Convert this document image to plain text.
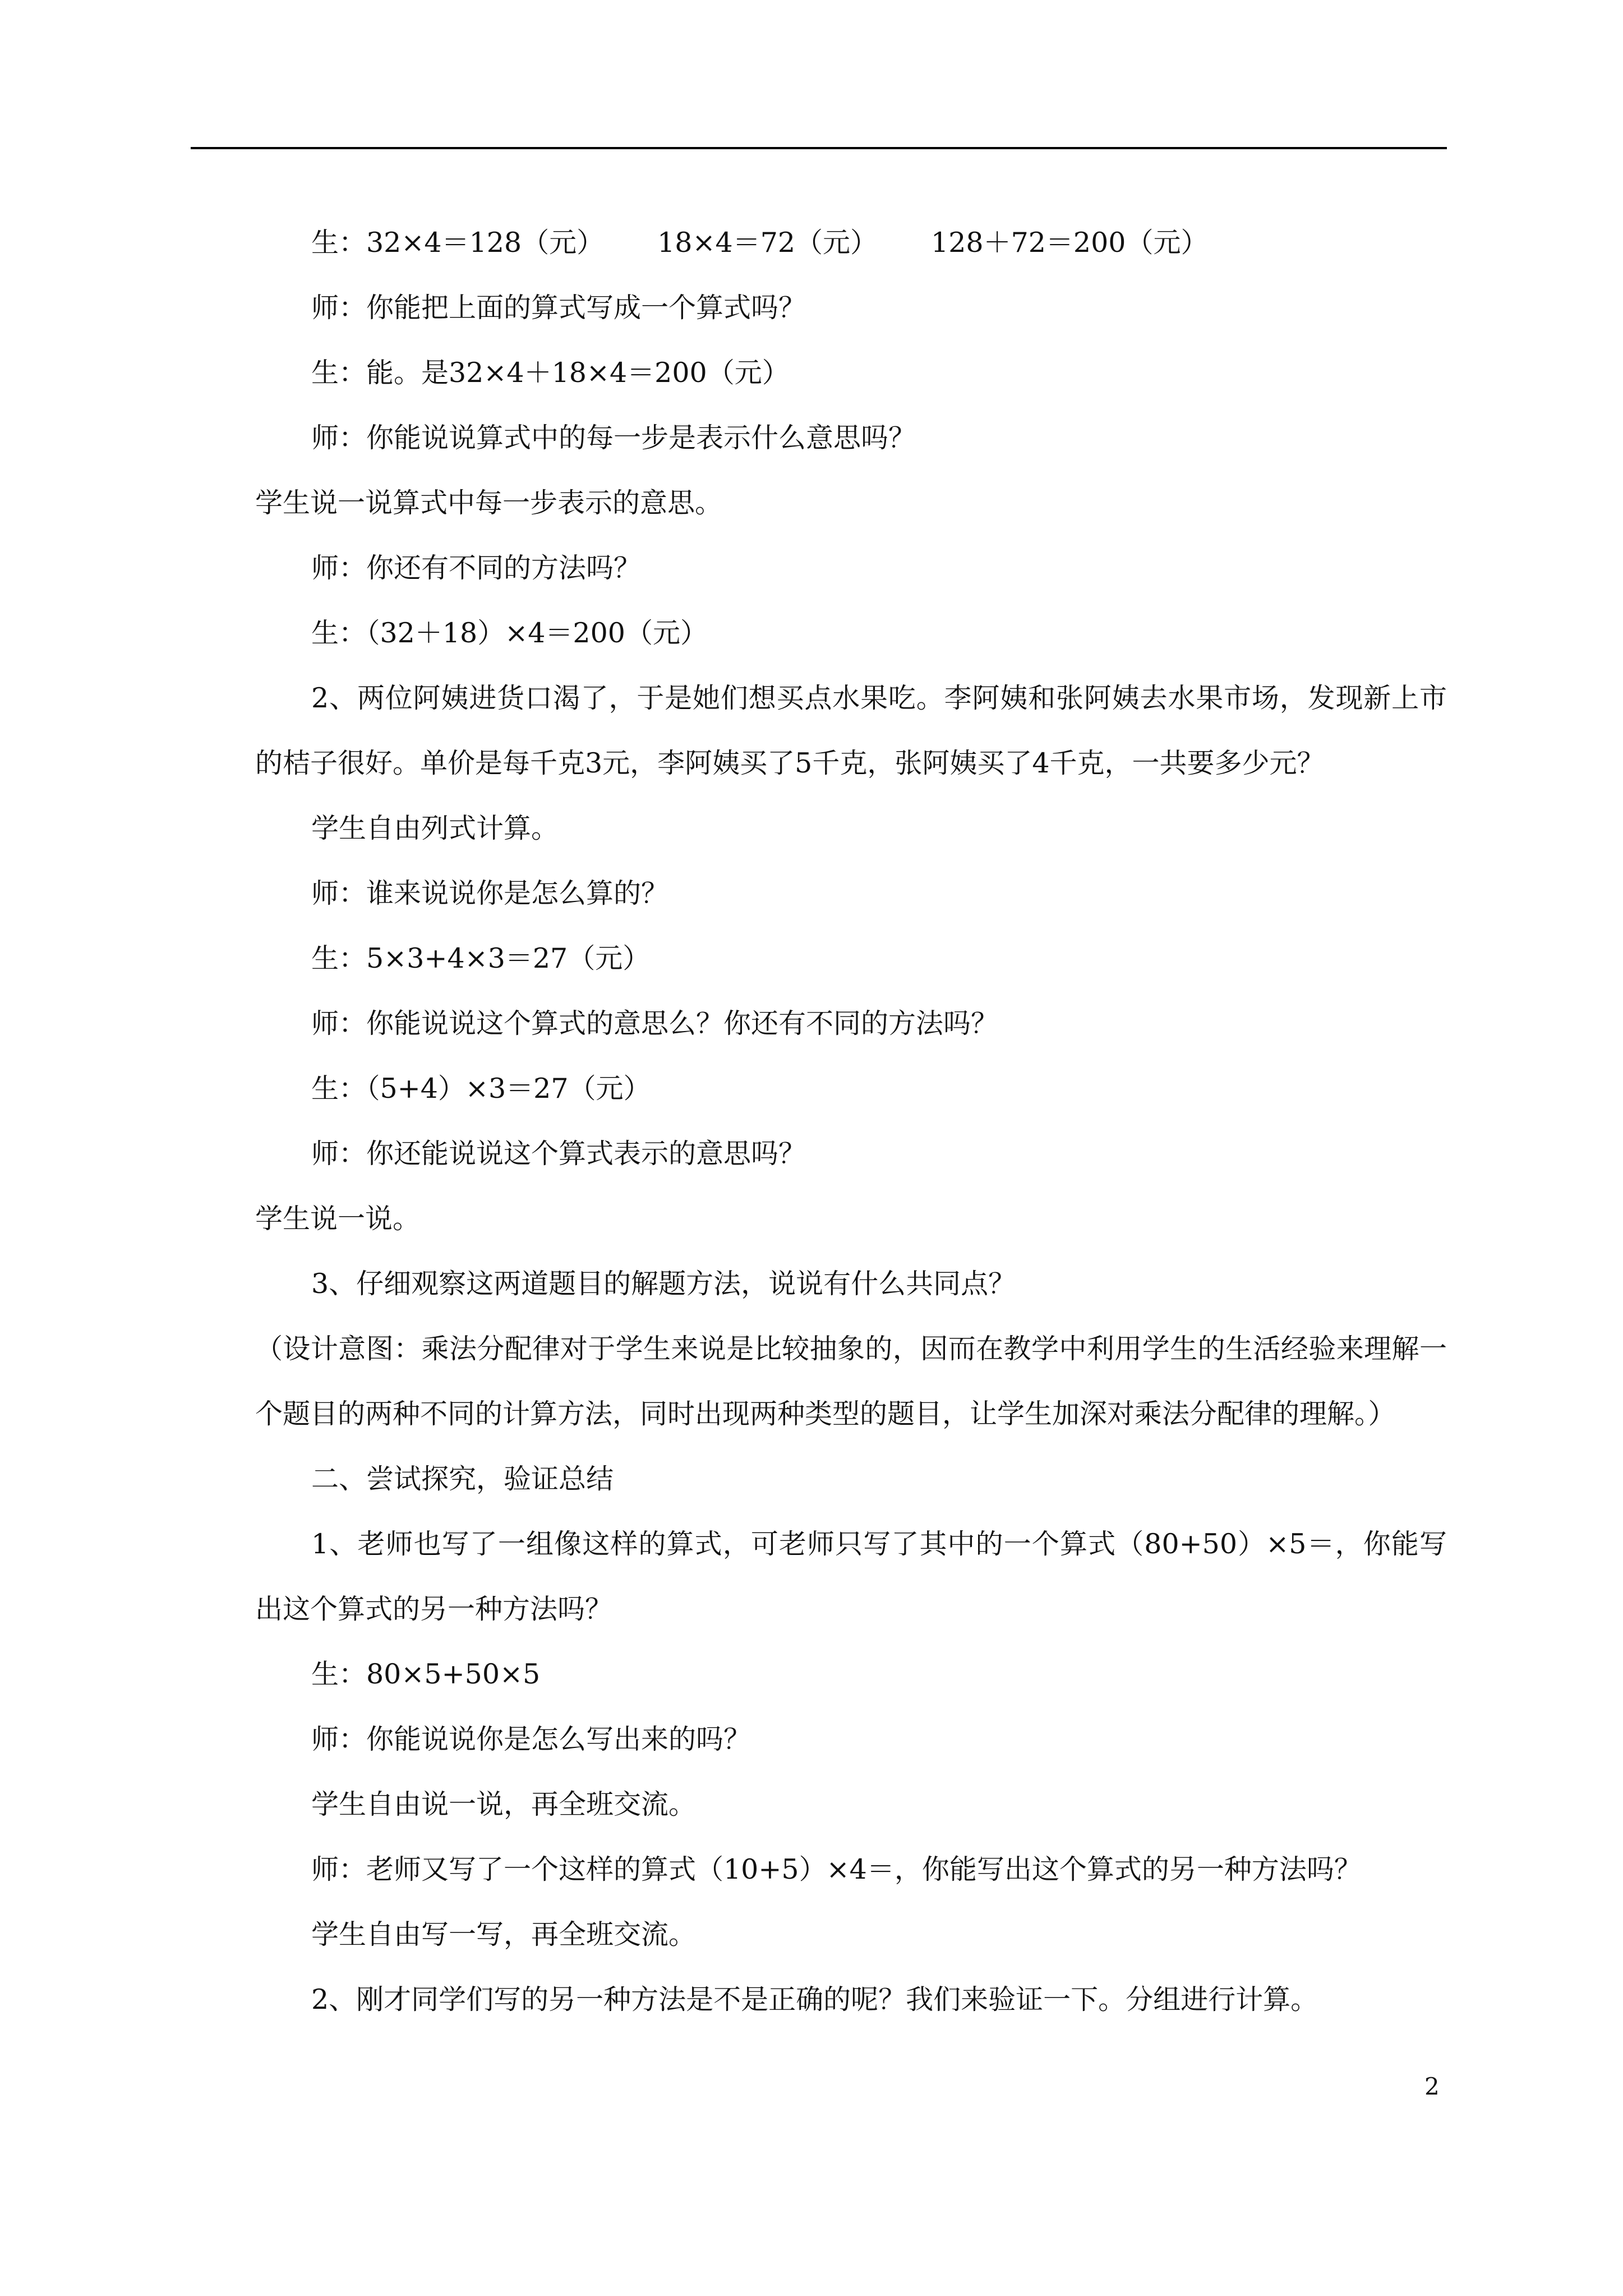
生：32×4＝128（元） 18×4＝72（元） 128＋72＝200（元）

师：你能把上面的算式写成一个算式吗？

生：能。是32×4＋18×4＝200（元）

师：你能说说算式中的每一步是表示什么意思吗？

学生说一说算式中每一步表示的意思。

师：你还有不同的方法吗？

生：（32＋18）×4＝200（元）

2、两位阿姨进货口渴了，于是她们想买点水果吃。李阿姨和张阿姨去水果市场，发现新上市的桔子很好。单价是每千克3元，李阿姨买了5千克，张阿姨买了4千克，一共要多少元？

学生自由列式计算。

师：谁来说说你是怎么算的？

生：5×3+4×3＝27（元）

师：你能说说这个算式的意思么？你还有不同的方法吗？

生：（5+4）×3＝27（元）

师：你还能说说这个算式表示的意思吗？

学生说一说。

3、仔细观察这两道题目的解题方法，说说有什么共同点？

（设计意图：乘法分配律对于学生来说是比较抽象的，因而在教学中利用学生的生活经验来理解一个题目的两种不同的计算方法，同时出现两种类型的题目，让学生加深对乘法分配律的理解。）

二、尝试探究，验证总结

1、老师也写了一组像这样的算式，可老师只写了其中的一个算式（80+50）×5＝，你能写出这个算式的另一种方法吗？

生：80×5+50×5

师：你能说说你是怎么写出来的吗？

学生自由说一说，再全班交流。

师：老师又写了一个这样的算式（10+5）×4＝，你能写出这个算式的另一种方法吗？

学生自由写一写，再全班交流。

2、刚才同学们写的另一种方法是不是正确的呢？我们来验证一下。分组进行计算。

2
